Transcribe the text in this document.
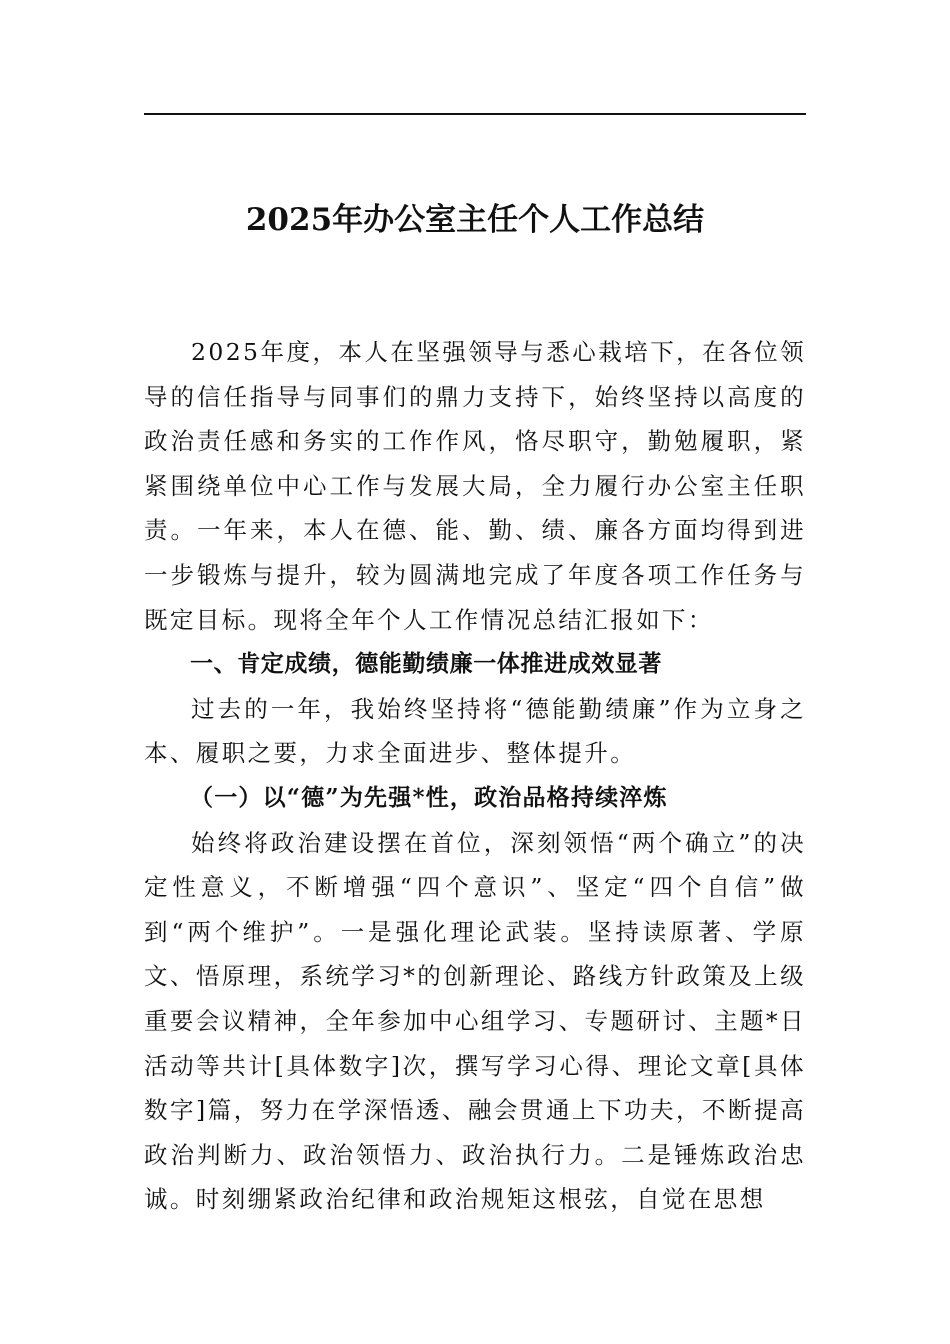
2025年办公室主任个人工作总结

2025年度，本人在坚强领导与悉心栽培下，在各位领导的信任指导与同事们的鼎力支持下，始终坚持以高度的政治责任感和务实的工作作风，恪尽职守，勤勉履职，紧紧围绕单位中心工作与发展大局，全力履行办公室主任职责。一年来，本人在德、能、勤、绩、廉各方面均得到进一步锻炼与提升，较为圆满地完成了年度各项工作任务与既定目标。现将全年个人工作情况总结汇报如下：

一、肯定成绩，德能勤绩廉一体推进成效显著

过去的一年，我始终坚持将“德能勤绩廉”作为立身之本、履职之要，力求全面进步、整体提升。

（一）以“德”为先强*性，政治品格持续淬炼

始终将政治建设摆在首位，深刻领悟“两个确立”的决定性意义，不断增强“四个意识”、坚定“四个自信”做到“两个维护”。一是强化理论武装。坚持读原著、学原文、悟原理，系统学习*的创新理论、路线方针政策及上级重要会议精神，全年参加中心组学习、专题研讨、主题*日活动等共计[具体数字]次，撰写学习心得、理论文章[具体数字]篇，努力在学深悟透、融会贯通上下功夫，不断提高政治判断力、政治领悟力、政治执行力。二是锤炼政治忠诚。时刻绷紧政治纪律和政治规矩这根弦，自觉在思想
